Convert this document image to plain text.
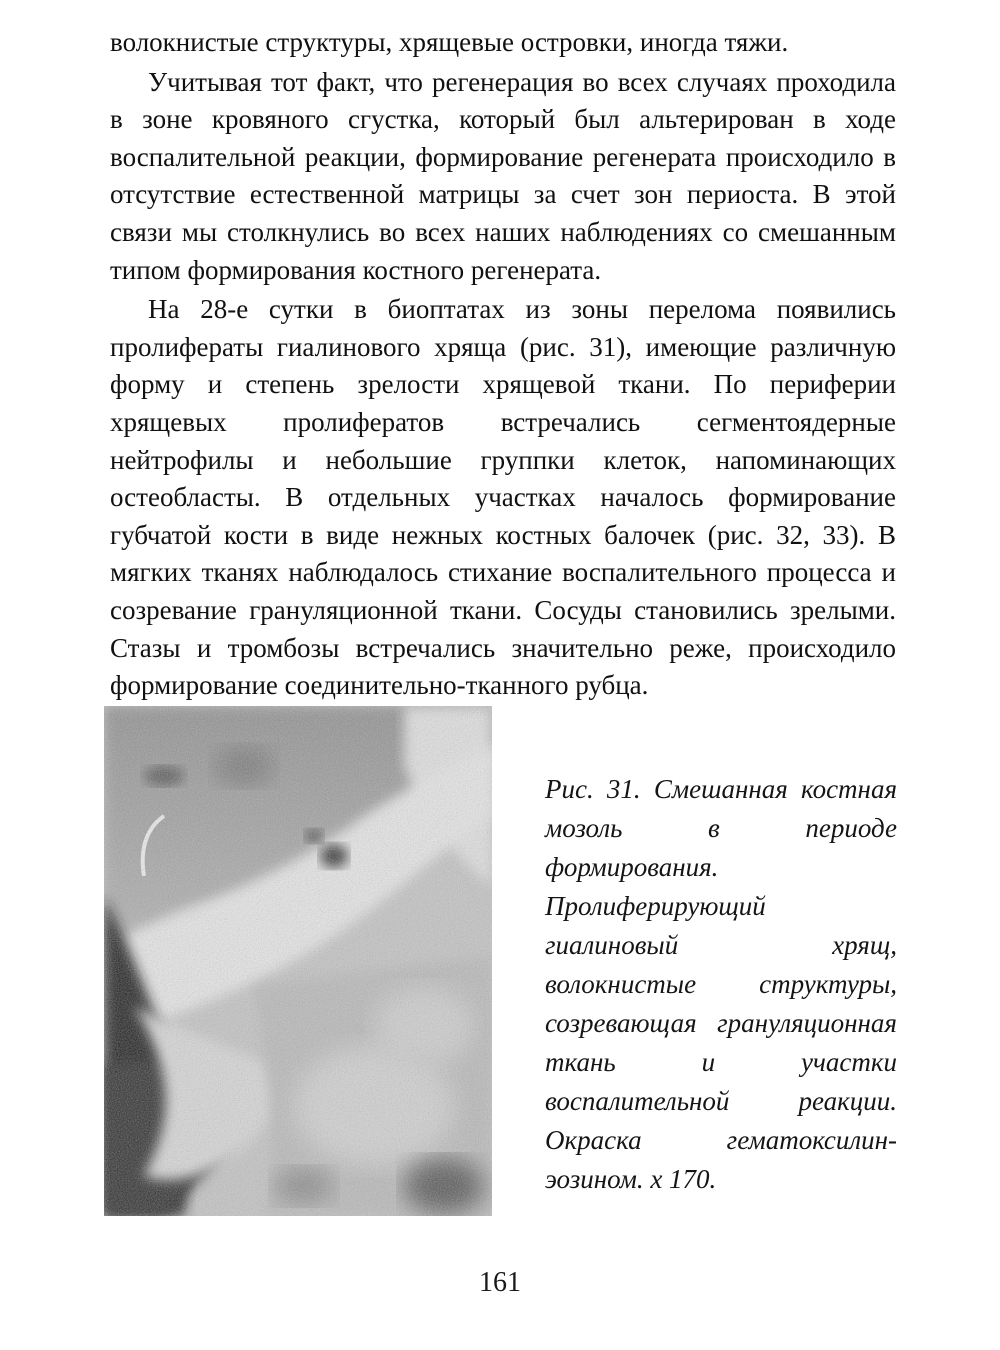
волокнистые структуры, хрящевые островки, иногда тяжи.

Учитывая тот факт, что регенерация во всех случаях проходила в зоне кровяного сгустка, который был альтерирован в ходе воспалительной реакции, формирование регенерата происходило в отсутствие естественной матрицы за счет зон периоста. В этой связи мы столкнулись во всех наших наблюдениях со смешанным типом формирования костного регенерата.

На 28-е сутки в биоптатах из зоны перелома появились пролифераты гиалинового хряща (рис. 31), имеющие различную форму и степень зрелости хрящевой ткани. По периферии хрящевых пролифератов встречались сегментоядерные нейтрофилы и небольшие группки клеток, напоминающих остеобласты. В отдельных участках началось формирование губчатой кости в виде нежных костных балочек (рис. 32, 33). В мягких тканях наблюдалось стихание воспалительного процесса и созревание грануляционной ткани. Сосуды становились зрелыми. Стазы и тромбозы встречались значительно реже, происходило формирование соединительно-тканного рубца.

Рис. 31. Смешанная костная мозоль в периоде формирования. Пролиферирующий гиалиновый хрящ, волокнистые структуры, созревающая грануляционная ткань и участки воспалительной реакции. Окраска гематоксилин-эозином. х 170.
161
